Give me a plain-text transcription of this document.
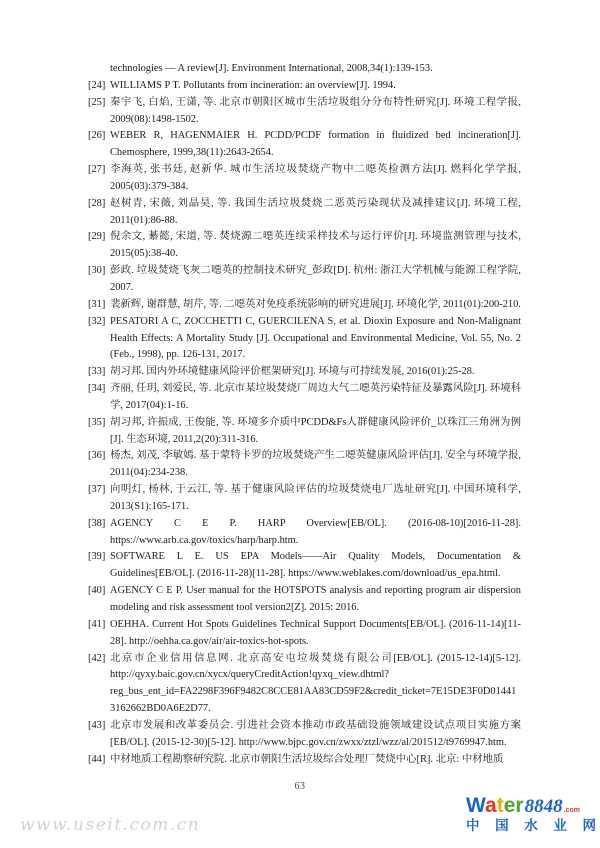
technologies — A review[J]. Environment International, 2008,34(1):139-153.
[24] WILLIAMS P T. Pollutants from incineration: an overview[J]. 1994.
[25] 秦宇飞, 白焰, 王潇, 等. 北京市朝阳区城市生活垃圾组分分布特性研究[J]. 环境工程学报, 2009(08):1498-1502.
[26] WEBER R, HAGENMAIER H. PCDD/PCDF formation in fluidized bed incineration[J]. Chemosphere, 1999,38(11):2643-2654.
[27] 李海英, 张书廷, 赵新华. 城市生活垃圾焚烧产物中二噁英检测方法[J]. 燃料化学学报, 2005(03):379-384.
[28] 赵树青, 宋薇, 刘晶昊, 等. 我国生活垃圾焚烧二恶英污染现状及减排建议[J]. 环境工程, 2011(01):86-88.
[29] 倪余文, 綦懿, 宋道, 等. 焚烧源二噁英连续采样技术与运行评价[J]. 环境监测管理与技术, 2015(05):38-40.
[30] 彭政. 垃圾焚烧飞灰二噁英的控制技术研究_彭政[D]. 杭州: 浙江大学机械与能源工程学院, 2007.
[31] 裴新辉, 谢群慧, 胡芹, 等. 二噁英对免疫系统影响的研究进展[J]. 环境化学, 2011(01):200-210.
[32] PESATORI A C, ZOCCHETTI C, GUERCILENA S, et al. Dioxin Exposure and Non-Malignant Health Effects: A Mortality Study [J]. Occupational and Environmental Medicine, Vol. 55, No. 2 (Feb., 1998), pp. 126-131, 2017.
[33] 胡习邦. 国内外环境健康风险评价框架研究[J]. 环境与可持续发展, 2016(01):25-28.
[34] 齐丽, 任玥, 刘爱民, 等. 北京市某垃圾焚烧厂周边大气二噁英污染特征及暴露风险[J]. 环境科学, 2017(04):1-16.
[35] 胡习邦, 许振成, 王俊能, 等. 环境多介质中PCDD&Fs人群健康风险评价_以珠江三角洲为例[J]. 生态环境, 2011,2(20):311-316.
[36] 杨杰, 刘茂, 李敏嫣. 基于蒙特卡罗的垃圾焚烧产生二噁英健康风险评估[J]. 安全与环境学报, 2011(04):234-238.
[37] 向明灯, 杨林, 于云江, 等. 基于健康风险评估的垃圾焚烧电厂选址研究[J]. 中国环境科学, 2013(S1):165-171.
[38] AGENCY C E P. HARP Overview[EB/OL]. (2016-08-10)[2016-11-28]. https://www.arb.ca.gov/toxics/harp/harp.htm.
[39] SOFTWARE L E. US EPA Models——Air Quality Models, Documentation & Guidelines[EB/OL]. (2016-11-28)[11-28]. https://www.weblakes.com/download/us_epa.html.
[40] AGENCY C E P. User manual for the HOTSPOTS analysis and reporting program air dispersion modeling and risk assessment tool version2[Z]. 2015: 2016.
[41] OEHHA. Current Hot Spots Guidelines Technical Support Documents[EB/OL]. (2016-11-14)[11-28]. http://oehha.ca.gov/air/air-toxics-hot-spots.
[42] 北京市企业信用信息网. 北京高安屯垃圾焚烧有限公司[EB/OL]. (2015-12-14)[5-12]. http://qyxy.baic.gov.cn/xycx/queryCreditAction!qyxq_view.dhtml?reg_bus_ent_id=FA2298F396F9482C8CCE81AA83CD59F2&credit_ticket=7E15DE3F0D014413162662BD0A6E2D77.
[43] 北京市发展和改革委员会. 引进社会资本推动市政基础设施领域建设试点项目实施方案[EB/OL]. (2015-12-30)[5-12]. http://www.bjpc.gov.cn/zwxx/ztzl/wzz/al/201512/t9769947.htm.
[44] 中材地质工程勘察研究院. 北京市朝阳生活垃圾综合处理厂焚烧中心[R]. 北京: 中材地质
63
www.useit.com.cn
Water 8848 .com
中 国 水 业 网
